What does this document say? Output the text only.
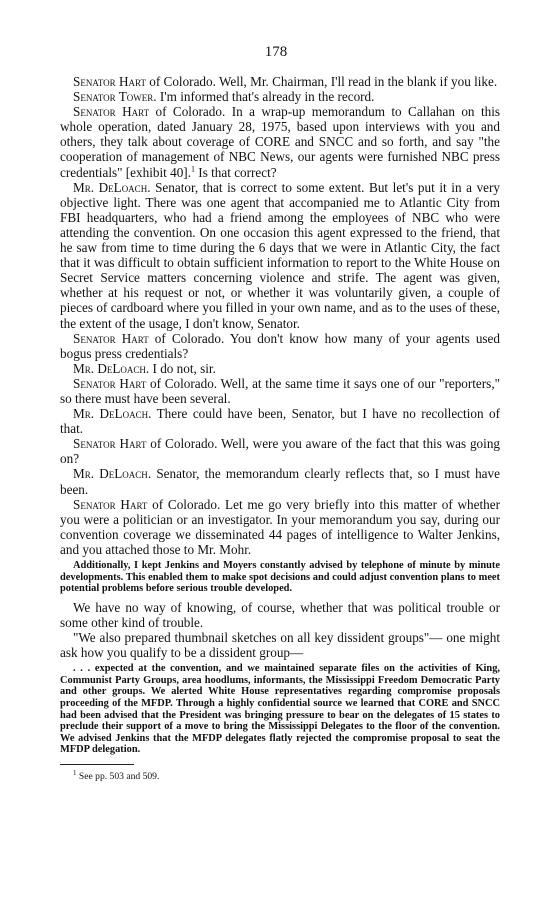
178

Senator Hart of Colorado. Well, Mr. Chairman, I'll read in the blank if you like.

Senator Tower. I'm informed that's already in the record.

Senator Hart of Colorado. In a wrap-up memorandum to Callahan on this whole operation, dated January 28, 1975, based upon interviews with you and others, they talk about coverage of CORE and SNCC and so forth, and say "the cooperation of management of NBC News, our agents were furnished NBC press credentials" [exhibit 40].$^1$ Is that correct?

Mr. DeLoach. Senator, that is correct to some extent. But let's put it in a very objective light. There was one agent that accompanied me to Atlantic City from FBI headquarters, who had a friend among the employees of NBC who were attending the convention. On one occasion this agent expressed to the friend, that he saw from time to time during the 6 days that we were in Atlantic City, the fact that it was difficult to obtain sufficient information to report to the White House on Secret Service matters concerning violence and strife. The agent was given, whether at his request or not, or whether it was voluntarily given, a couple of pieces of cardboard where you filled in your own name, and as to the uses of these, the extent of the usage, I don't know, Senator.

Senator Hart of Colorado. You don't know how many of your agents used bogus press credentials?

Mr. DeLoach. I do not, sir.

Senator Hart of Colorado. Well, at the same time it says one of our "reporters," so there must have been several.

Mr. DeLoach. There could have been, Senator, but I have no recollection of that.

Senator Hart of Colorado. Well, were you aware of the fact that this was going on?

Mr. DeLoach. Senator, the memorandum clearly reflects that, so I must have been.

Senator Hart of Colorado. Let me go very briefly into this matter of whether you were a politician or an investigator. In your memorandum you say, during our convention coverage we disseminated 44 pages of intelligence to Walter Jenkins, and you attached those to Mr. Mohr.

Additionally, I kept Jenkins and Moyers constantly advised by telephone of minute by minute developments. This enabled them to make spot decisions and could adjust convention plans to meet potential problems before serious trouble developed.

We have no way of knowing, of course, whether that was political trouble or some other kind of trouble.

"We also prepared thumbnail sketches on all key dissident groups"— one might ask how you qualify to be a dissident group—

. . . expected at the convention, and we maintained separate files on the activities of King, Communist Party Groups, area hoodlums, informants, the Mississippi Freedom Democratic Party and other groups. We alerted White House representatives regarding compromise proposals proceeding of the MFDP. Through a highly confidential source we learned that CORE and SNCC had been advised that the President was bringing pressure to bear on the delegates of 15 states to preclude their support of a move to bring the Mississippi Delegates to the floor of the convention. We advised Jenkins that the MFDP delegates flatly rejected the compromise proposal to seat the MFDP delegation.

$^1$ See pp. 503 and 509.
